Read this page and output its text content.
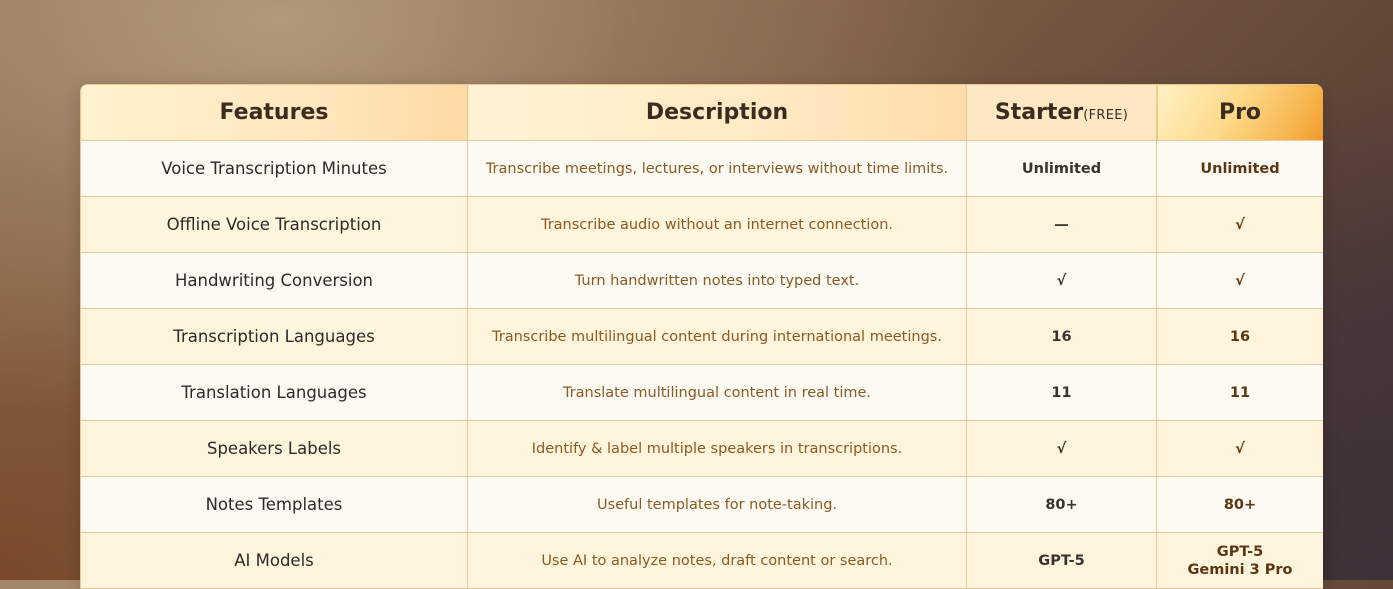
Features	Description	Starter(FREE)	Pro
Voice Transcription Minutes	Transcribe meetings, lectures, or interviews without time limits.	Unlimited	Unlimited

Offline Voice Transcription	Transcribe audio without an internet connection.	—	√

Handwriting Conversion	Turn handwritten notes into typed text.	√	√

Transcription Languages	Transcribe multilingual content during international meetings.	16	16

Translation Languages	Translate multilingual content in real time.	11	11

Speakers Labels	Identify & label multiple speakers in transcriptions.	√	√

Notes Templates	Useful templates for note-taking.	80+	80+

AI Models	Use AI to analyze notes, draft content or search.	GPT-5	GPT-5
Gemini 3 Pro
